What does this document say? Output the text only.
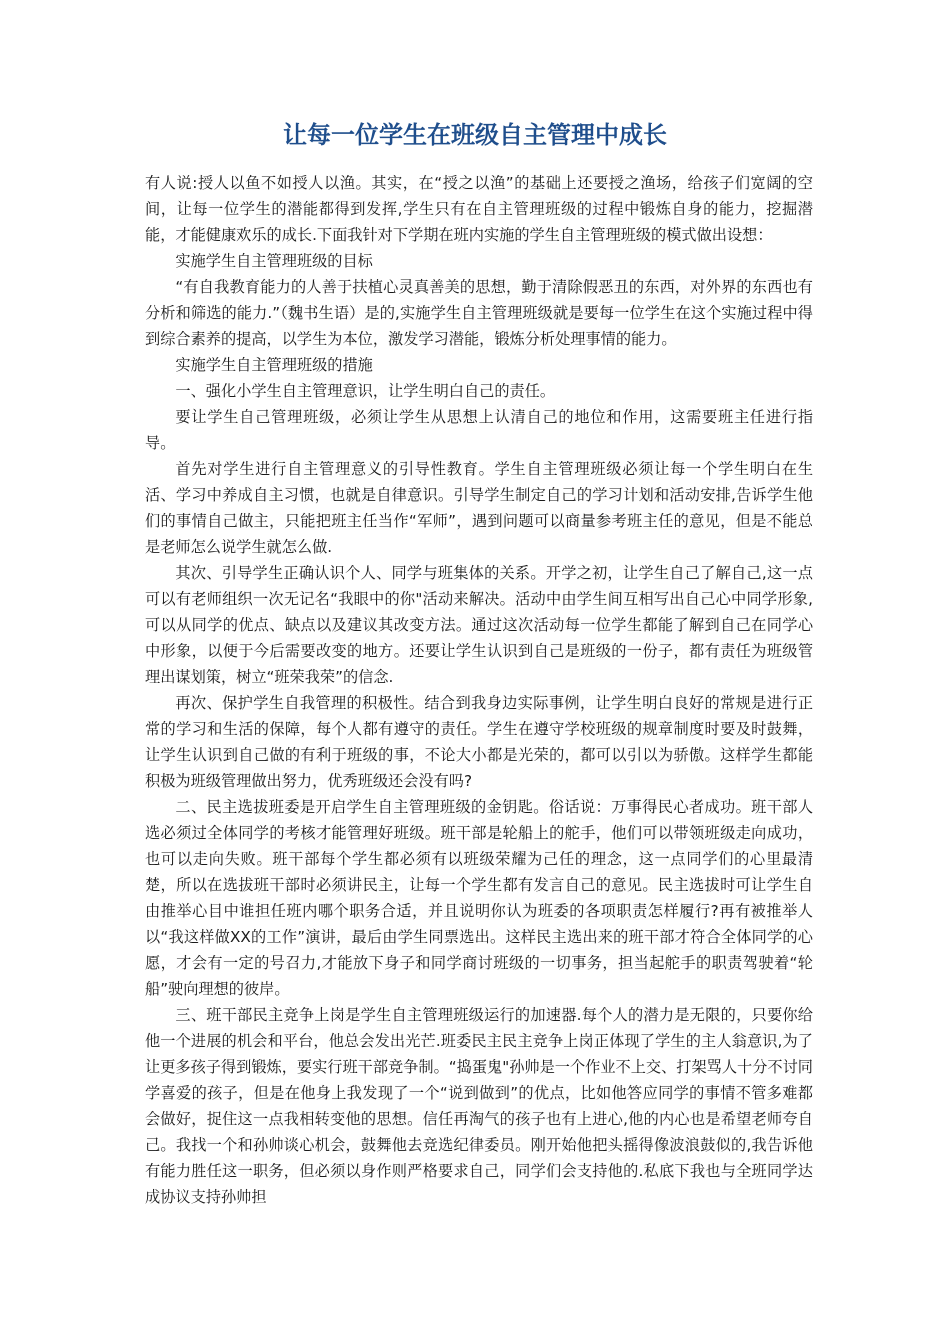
让每一位学生在班级自主管理中成长

有人说:授人以鱼不如授人以渔。其实，在“授之以渔”的基础上还要授之渔场，给孩子们宽阔的空间，让每一位学生的潜能都得到发挥,学生只有在自主管理班级的过程中锻炼自身的能力，挖掘潜能，才能健康欢乐的成长.下面我针对下学期在班内实施的学生自主管理班级的模式做出设想：

实施学生自主管理班级的目标

“有自我教育能力的人善于扶植心灵真善美的思想，勤于清除假恶丑的东西，对外界的东西也有分析和筛选的能力.”（魏书生语）是的,实施学生自主管理班级就是要每一位学生在这个实施过程中得到综合素养的提高，以学生为本位，激发学习潜能，锻炼分析处理事情的能力。

实施学生自主管理班级的措施

一、强化小学生自主管理意识，让学生明白自己的责任。

要让学生自己管理班级，必须让学生从思想上认清自己的地位和作用，这需要班主任进行指导。

首先对学生进行自主管理意义的引导性教育。学生自主管理班级必须让每一个学生明白在生活、学习中养成自主习惯，也就是自律意识。引导学生制定自己的学习计划和活动安排,告诉学生他们的事情自己做主，只能把班主任当作“军师”，遇到问题可以商量参考班主任的意见，但是不能总是老师怎么说学生就怎么做.

其次、引导学生正确认识个人、同学与班集体的关系。开学之初，让学生自己了解自己,这一点可以有老师组织一次无记名“我眼中的你"活动来解决。活动中由学生间互相写出自己心中同学形象,可以从同学的优点、缺点以及建议其改变方法。通过这次活动每一位学生都能了解到自己在同学心中形象，以便于今后需要改变的地方。还要让学生认识到自己是班级的一份子，都有责任为班级管理出谋划策，树立“班荣我荣”的信念.

再次、保护学生自我管理的积极性。结合到我身边实际事例，让学生明白良好的常规是进行正常的学习和生活的保障，每个人都有遵守的责任。学生在遵守学校班级的规章制度时要及时鼓舞，让学生认识到自己做的有利于班级的事，不论大小都是光荣的，都可以引以为骄傲。这样学生都能积极为班级管理做出努力，优秀班级还会没有吗?

二、民主选拔班委是开启学生自主管理班级的金钥匙。俗话说：万事得民心者成功。班干部人选必须过全体同学的考核才能管理好班级。班干部是轮船上的舵手，他们可以带领班级走向成功，也可以走向失败。班干部每个学生都必须有以班级荣耀为己任的理念，这一点同学们的心里最清楚，所以在选拔班干部时必须讲民主，让每一个学生都有发言自己的意见。民主选拔时可让学生自由推举心目中谁担任班内哪个职务合适，并且说明你认为班委的各项职责怎样履行?再有被推举人以“我这样做XX的工作”演讲，最后由学生同票选出。这样民主选出来的班干部才符合全体同学的心愿，才会有一定的号召力,才能放下身子和同学商讨班级的一切事务，担当起舵手的职责驾驶着“轮船”驶向理想的彼岸。

三、班干部民主竞争上岗是学生自主管理班级运行的加速器.每个人的潜力是无限的，只要你给他一个进展的机会和平台，他总会发出光芒.班委民主民主竞争上岗正体现了学生的主人翁意识,为了让更多孩子得到锻炼，要实行班干部竞争制。“捣蛋鬼"孙帅是一个作业不上交、打架骂人十分不讨同学喜爱的孩子，但是在他身上我发现了一个“说到做到”的优点，比如他答应同学的事情不管多难都会做好，捉住这一点我相转变他的思想。信任再淘气的孩子也有上进心,他的内心也是希望老师夸自己。我找一个和孙帅谈心机会，鼓舞他去竞选纪律委员。刚开始他把头摇得像波浪鼓似的,我告诉他有能力胜任这一职务，但必须以身作则严格要求自己，同学们会支持他的.私底下我也与全班同学达成协议支持孙帅担
